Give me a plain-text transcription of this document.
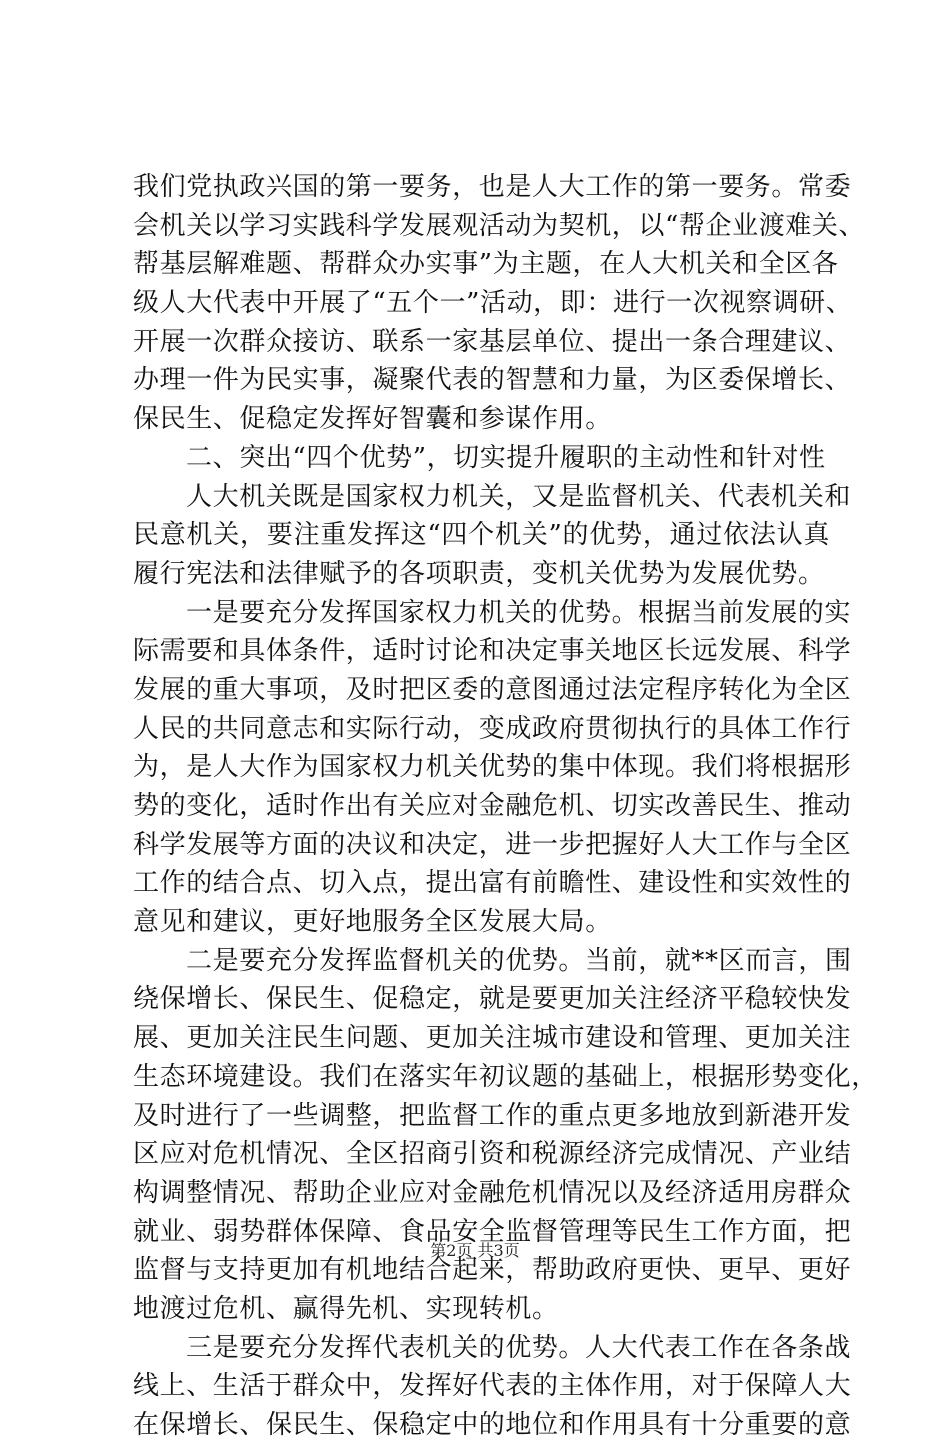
我们党执政兴国的第一要务，也是人大工作的第一要务。常委
会机关以学习实践科学发展观活动为契机，以“帮企业渡难关、
帮基层解难题、帮群众办实事”为主题，在人大机关和全区各
级人大代表中开展了“五个一”活动，即：进行一次视察调研、
开展一次群众接访、联系一家基层单位、提出一条合理建议、
办理一件为民实事，凝聚代表的智慧和力量，为区委保增长、
保民生、促稳定发挥好智囊和参谋作用。
二、突出“四个优势”，切实提升履职的主动性和针对性
人大机关既是国家权力机关，又是监督机关、代表机关和
民意机关，要注重发挥这“四个机关”的优势，通过依法认真
履行宪法和法律赋予的各项职责，变机关优势为发展优势。
一是要充分发挥国家权力机关的优势。根据当前发展的实
际需要和具体条件，适时讨论和决定事关地区长远发展、科学
发展的重大事项，及时把区委的意图通过法定程序转化为全区
人民的共同意志和实际行动，变成政府贯彻执行的具体工作行
为，是人大作为国家权力机关优势的集中体现。我们将根据形
势的变化，适时作出有关应对金融危机、切实改善民生、推动
科学发展等方面的决议和决定，进一步把握好人大工作与全区
工作的结合点、切入点，提出富有前瞻性、建设性和实效性的
意见和建议，更好地服务全区发展大局。
二是要充分发挥监督机关的优势。当前，就**区而言，围
绕保增长、保民生、促稳定，就是要更加关注经济平稳较快发
展、更加关注民生问题、更加关注城市建设和管理、更加关注
生态环境建设。我们在落实年初议题的基础上，根据形势变化，
及时进行了一些调整，把监督工作的重点更多地放到新港开发
区应对危机情况、全区招商引资和税源经济完成情况、产业结
构调整情况、帮助企业应对金融危机情况以及经济适用房群众
就业、弱势群体保障、食品安全监督管理等民生工作方面，把
监督与支持更加有机地结合起来，帮助政府更快、更早、更好
地渡过危机、赢得先机、实现转机。
三是要充分发挥代表机关的优势。人大代表工作在各条战
线上、生活于群众中，发挥好代表的主体作用，对于保障人大
在保增长、保民生、保稳定中的地位和作用具有十分重要的意
第2页 共3页
